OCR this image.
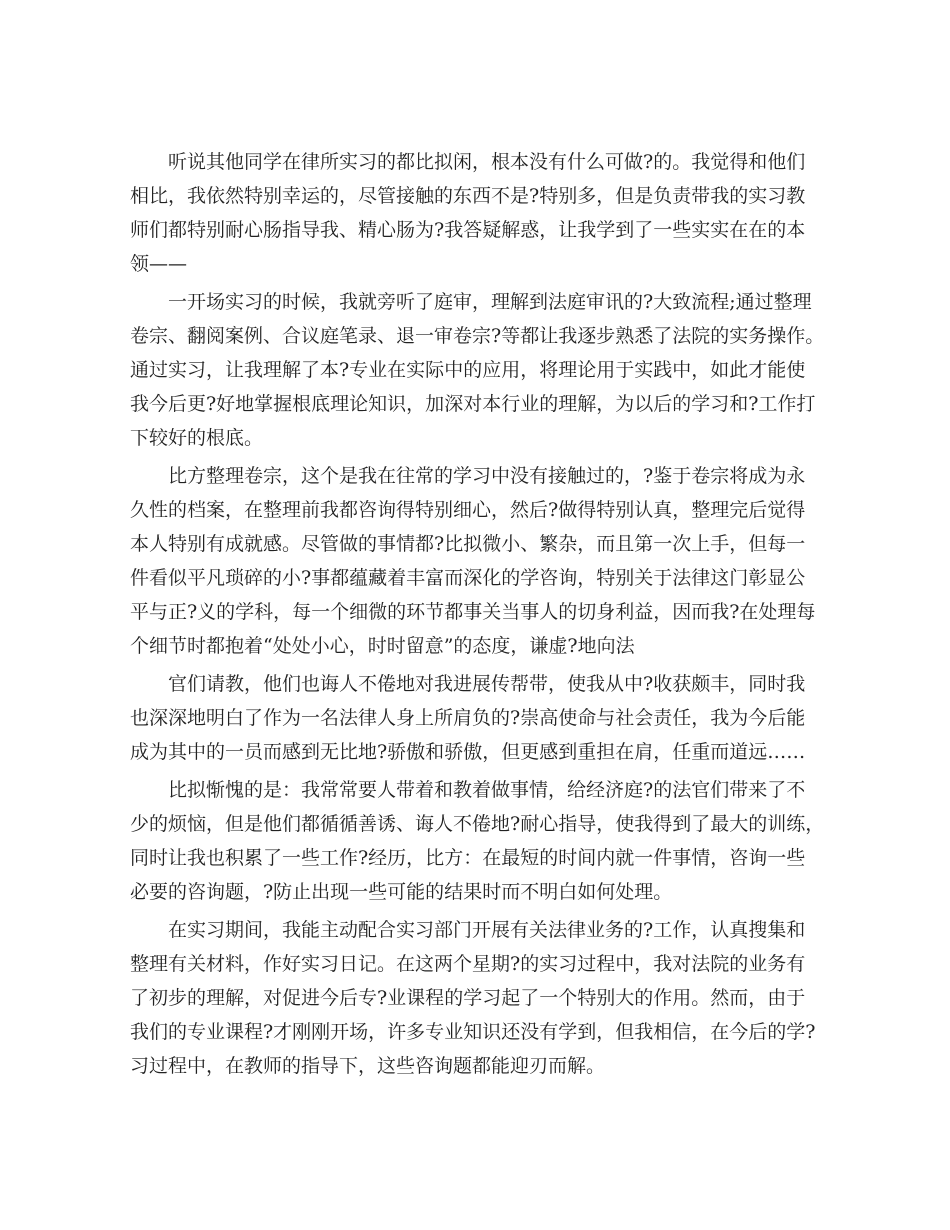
听说其他同学在律所实习的都比拟闲，根本没有什么可做?的。我觉得和他们
相比，我依然特别幸运的，尽管接触的东西不是?特别多，但是负责带我的实习教
师们都特别耐心肠指导我、精心肠为?我答疑解惑，让我学到了一些实实在在的本
领——
一开场实习的时候，我就旁听了庭审，理解到法庭审讯的?大致流程;通过整理
卷宗、翻阅案例、合议庭笔录、退一审卷宗?等都让我逐步熟悉了法院的实务操作。
通过实习，让我理解了本?专业在实际中的应用，将理论用于实践中，如此才能使
我今后更?好地掌握根底理论知识，加深对本行业的理解，为以后的学习和?工作打
下较好的根底。
比方整理卷宗，这个是我在往常的学习中没有接触过的，?鉴于卷宗将成为永
久性的档案，在整理前我都咨询得特别细心，然后?做得特别认真，整理完后觉得
本人特别有成就感。尽管做的事情都?比拟微小、繁杂，而且第一次上手，但每一
件看似平凡琐碎的小?事都蕴藏着丰富而深化的学咨询，特别关于法律这门彰显公
平与正?义的学科，每一个细微的环节都事关当事人的切身利益，因而我?在处理每
个细节时都抱着“处处小心，时时留意”的态度，谦虚?地向法
官们请教，他们也诲人不倦地对我进展传帮带，使我从中?收获颇丰，同时我
也深深地明白了作为一名法律人身上所肩负的?崇高使命与社会责任，我为今后能
成为其中的一员而感到无比地?骄傲和骄傲，但更感到重担在肩，任重而道远……
比拟惭愧的是：我常常要人带着和教着做事情，给经济庭?的法官们带来了不
少的烦恼，但是他们都循循善诱、诲人不倦地?耐心指导，使我得到了最大的训练，
同时让我也积累了一些工作?经历，比方：在最短的时间内就一件事情，咨询一些
必要的咨询题，?防止出现一些可能的结果时而不明白如何处理。
在实习期间，我能主动配合实习部门开展有关法律业务的?工作，认真搜集和
整理有关材料，作好实习日记。在这两个星期?的实习过程中，我对法院的业务有
了初步的理解，对促进今后专?业课程的学习起了一个特别大的作用。然而，由于
我们的专业课程?才刚刚开场，许多专业知识还没有学到，但我相信，在今后的学?
习过程中，在教师的指导下，这些咨询题都能迎刃而解。
